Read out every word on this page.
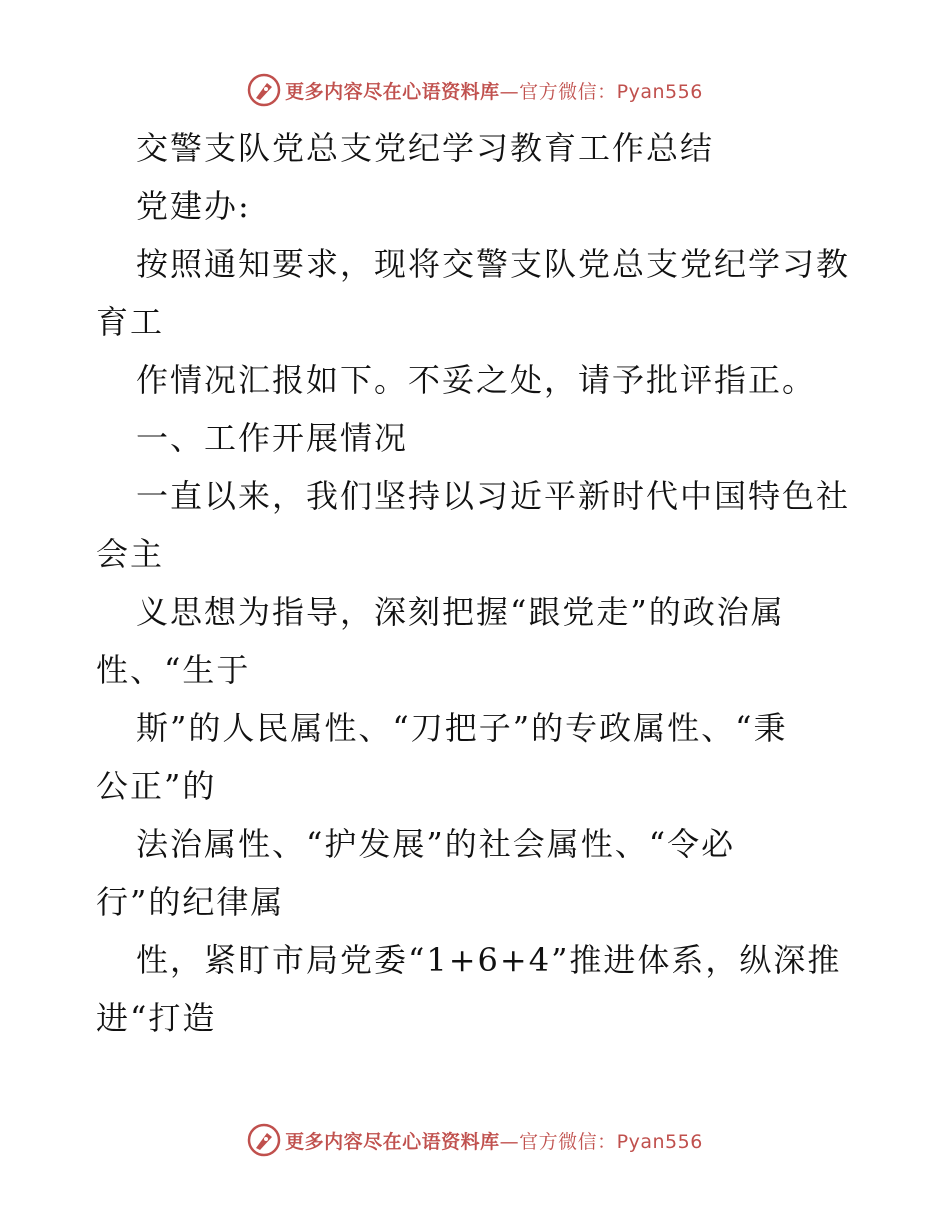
更多内容尽在心语资料库—官方微信：Pyan556
交警支队党总支党纪学习教育工作总结
党建办:
按照通知要求，现将交警支队党总支党纪学习教
育工
作情况汇报如下。不妥之处，请予批评指正。
一、工作开展情况
一直以来，我们坚持以习近平新时代中国特色社
会主
义思想为指导，深刻把握“跟党走”的政治属
性、“生于
斯”的人民属性、“刀把子”的专政属性、“秉
公正”的
法治属性、“护发展”的社会属性、“令必
行”的纪律属
性，紧盯市局党委“1+6+4”推进体系，纵深推
进“打造
更多内容尽在心语资料库—官方微信：Pyan556
